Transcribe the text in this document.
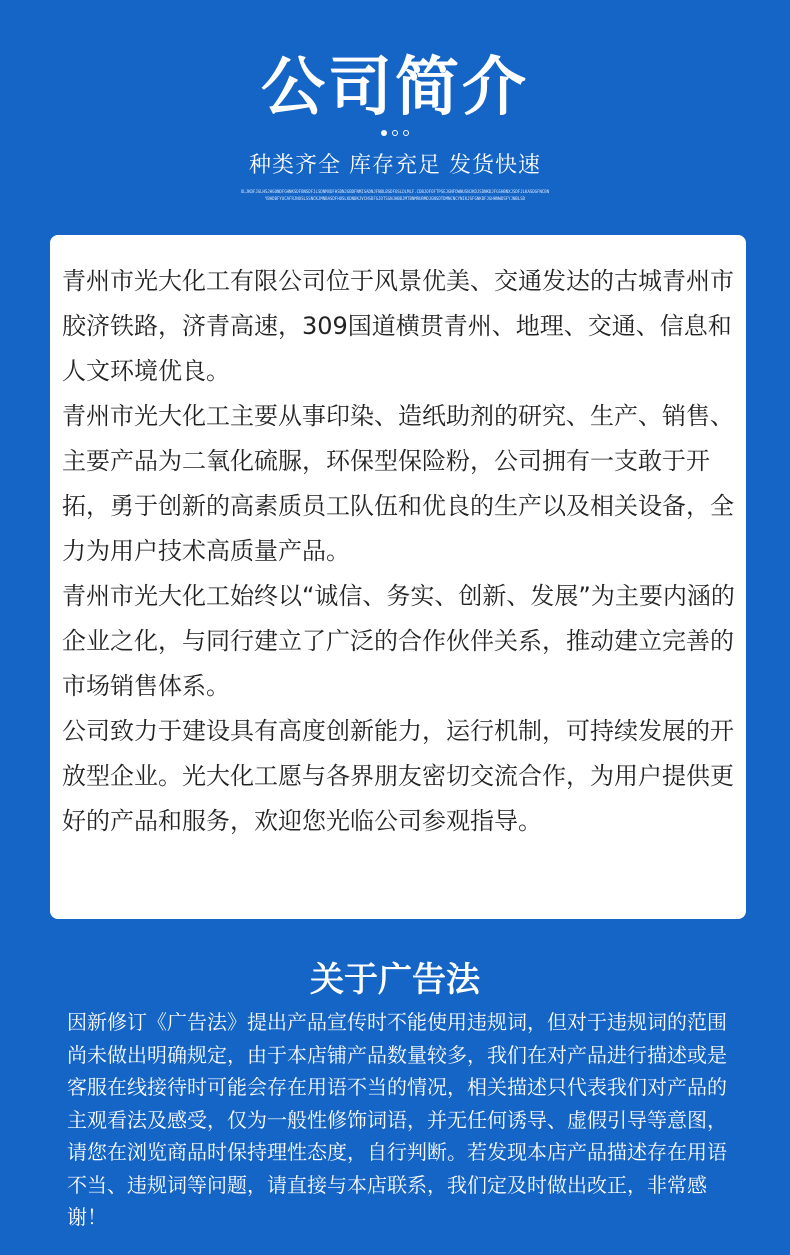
公司简介
种类齐全 库存充足 发货快速
OLJKDFJGLHSJHGONDFGHNKSDFBNSDFJLSDNMXDFHSDNJGBDFNMISADNJFNBLBSDFOSLDLMLF.CDBJOFOFTPSEJGNFDWNUSNJKDJSDNKDJFGSHBNXJSDFJLKASDGFNCBNYBHDBFYUCAFRJNOSLSSNCKJMNBASDFHOSLKDNDKJVCHSDFGJDTSGNJHBDJMTBNMRURMDJGNSDTDMNCNCYNIKJSFGNKDFJGHHNWDSFYJNBLSD

青州市光大化工有限公司位于风景优美、交通发达的古城青州市胶济铁路，济青高速，309国道横贯青州、地理、交通、信息和人文环境优良。

青州市光大化工主要从事印染、造纸助剂的研究、生产、销售、主要产品为二氧化硫脲，环保型保险粉，公司拥有一支敢于开拓，勇于创新的高素质员工队伍和优良的生产以及相关设备，全力为用户技术高质量产品。

青州市光大化工始终以“诚信、务实、创新、发展”为主要内涵的企业之化，与同行建立了广泛的合作伙伴关系，推动建立完善的市场销售体系。

公司致力于建设具有高度创新能力，运行机制，可持续发展的开放型企业。光大化工愿与各界朋友密切交流合作，为用户提供更好的产品和服务，欢迎您光临公司参观指导。

关于广告法

因新修订《广告法》提出产品宣传时不能使用违规词，但对于违规词的范围尚未做出明确规定，由于本店铺产品数量较多，我们在对产品进行描述或是客服在线接待时可能会存在用语不当的情况，相关描述只代表我们对产品的主观看法及感受，仅为一般性修饰词语，并无任何诱导、虚假引导等意图，请您在浏览商品时保持理性态度，自行判断。若发现本店产品描述存在用语不当、违规词等问题，请直接与本店联系，我们定及时做出改正，非常感谢！
